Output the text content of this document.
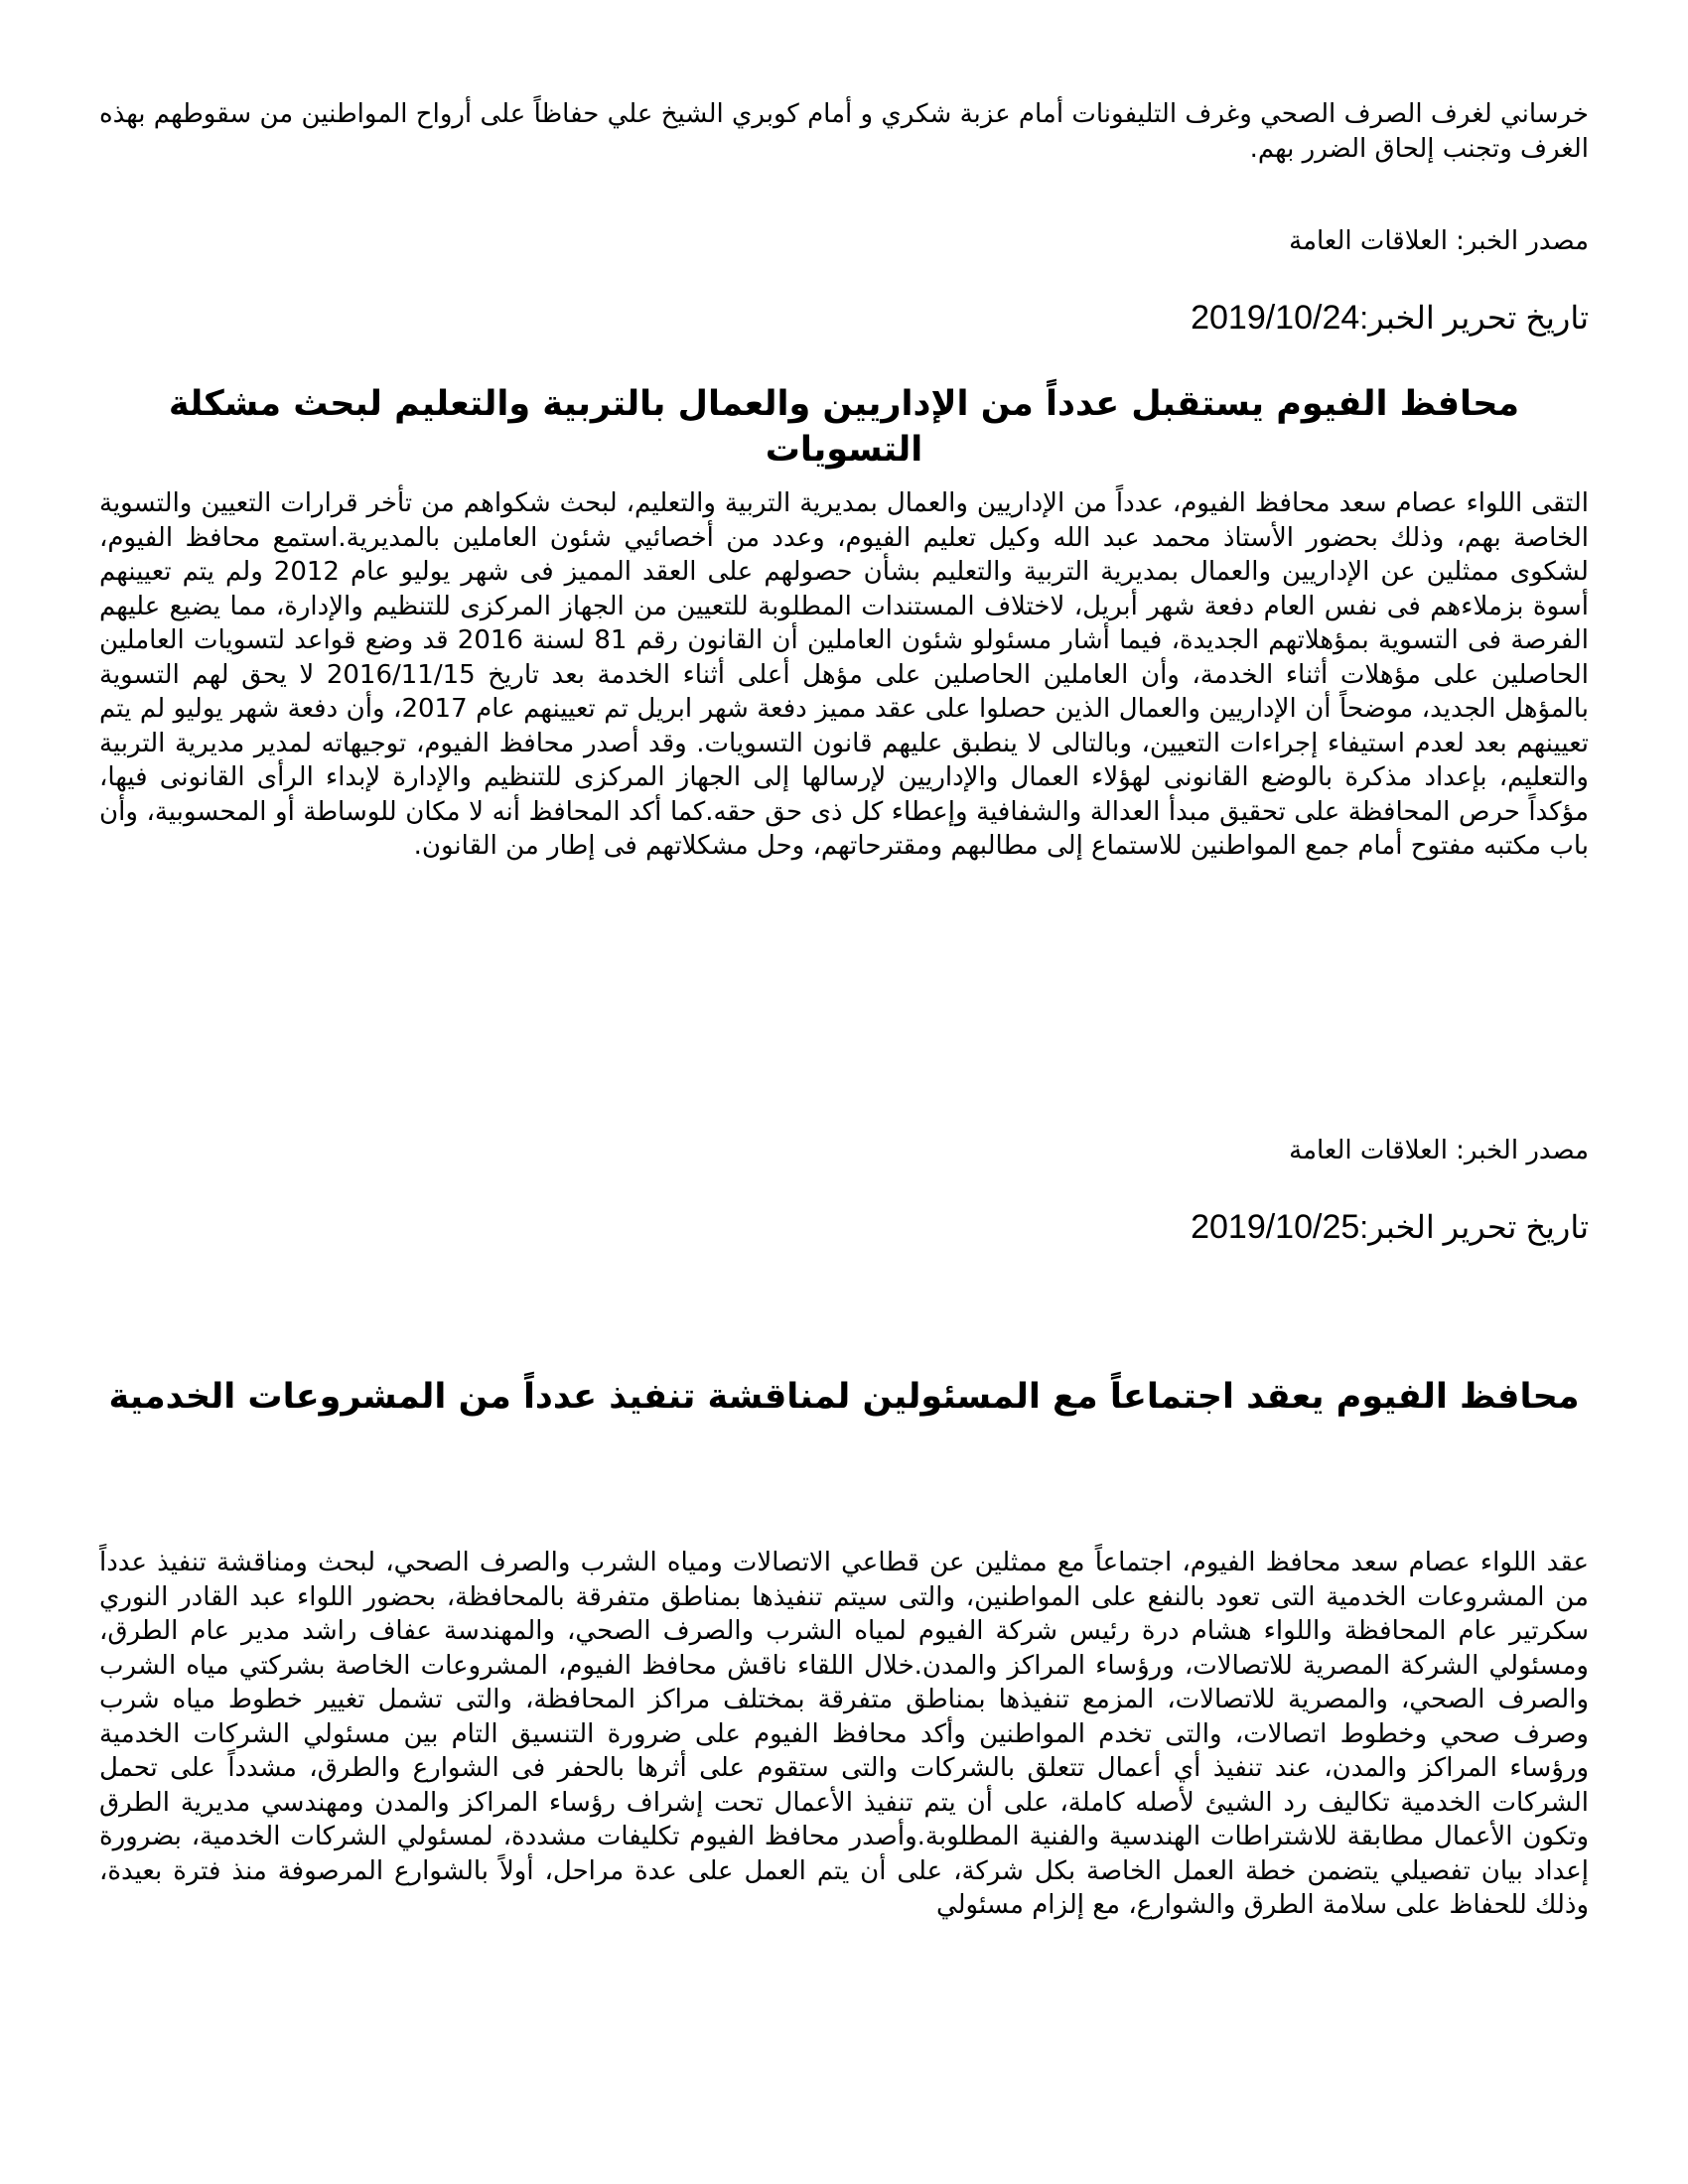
خرساني لغرف الصرف الصحي وغرف التليفونات أمام عزبة شكري و أمام كوبري الشيخ علي حفاظاً على أرواح المواطنين من سقوطهم بهذه الغرف وتجنب إلحاق الضرر بهم.

مصدر الخبر: العلاقات العامة

تاريخ تحرير الخبر:2019/10/24

محافظ الفيوم يستقبل عدداً من الإداريين والعمال بالتربية والتعليم لبحث مشكلة التسويات

التقى اللواء عصام سعد محافظ الفيوم، عدداً من الإداريين والعمال بمديرية التربية والتعليم، لبحث شكواهم من تأخر قرارات التعيين والتسوية الخاصة بهم، وذلك بحضور الأستاذ محمد عبد الله وكيل تعليم الفيوم، وعدد من أخصائيي شئون العاملين بالمديرية.استمع محافظ الفيوم، لشكوى ممثلين عن الإداريين والعمال بمديرية التربية والتعليم بشأن حصولهم على العقد المميز فى شهر يوليو عام 2012 ولم يتم تعيينهم أسوة بزملاءهم فى نفس العام دفعة شهر أبريل، لاختلاف المستندات المطلوبة للتعيين من الجهاز المركزى للتنظيم والإدارة، مما يضيع عليهم الفرصة فى التسوية بمؤهلاتهم الجديدة، فيما أشار مسئولو شئون العاملين أن القانون رقم 81 لسنة 2016 قد وضع قواعد لتسويات العاملين الحاصلين على مؤهلات أثناء الخدمة، وأن العاملين الحاصلين على مؤهل أعلى أثناء الخدمة بعد تاريخ 2016/11/15 لا يحق لهم التسوية بالمؤهل الجديد، موضحاً أن الإداريين والعمال الذين حصلوا على عقد مميز دفعة شهر ابريل تم تعيينهم عام 2017، وأن دفعة شهر يوليو لم يتم تعيينهم بعد لعدم استيفاء إجراءات التعيين، وبالتالى لا ينطبق عليهم قانون التسويات. وقد أصدر محافظ الفيوم، توجيهاته لمدير مديرية التربية والتعليم، بإعداد مذكرة بالوضع القانونى لهؤلاء العمال والإداريين لإرسالها إلى الجهاز المركزى للتنظيم والإدارة لإبداء الرأى القانونى فيها، مؤكداً حرص المحافظة على تحقيق مبدأ العدالة والشفافية وإعطاء كل ذى حق حقه.كما أكد المحافظ أنه لا مكان للوساطة أو المحسوبية، وأن باب مكتبه مفتوح أمام جمع المواطنين للاستماع إلى مطالبهم ومقترحاتهم، وحل مشكلاتهم فى إطار من القانون.

مصدر الخبر: العلاقات العامة

تاريخ تحرير الخبر:2019/10/25

محافظ الفيوم يعقد اجتماعاً مع المسئولين لمناقشة تنفيذ عدداً من المشروعات الخدمية

عقد اللواء عصام سعد محافظ الفيوم، اجتماعاً مع ممثلين عن قطاعي الاتصالات ومياه الشرب والصرف الصحي، لبحث ومناقشة تنفيذ عدداً من المشروعات الخدمية التى تعود بالنفع على المواطنين، والتى سيتم تنفيذها بمناطق متفرقة بالمحافظة، بحضور اللواء عبد القادر النوري سكرتير عام المحافظة واللواء هشام درة رئيس شركة الفيوم لمياه الشرب والصرف الصحي، والمهندسة عفاف راشد مدير عام الطرق، ومسئولي الشركة المصرية للاتصالات، ورؤساء المراكز والمدن.خلال اللقاء ناقش محافظ الفيوم، المشروعات الخاصة بشركتي مياه الشرب والصرف الصحي، والمصرية للاتصالات، المزمع تنفيذها بمناطق متفرقة بمختلف مراكز المحافظة، والتى تشمل تغيير خطوط مياه شرب وصرف صحي وخطوط اتصالات، والتى تخدم المواطنين وأكد محافظ الفيوم على ضرورة التنسيق التام بين مسئولي الشركات الخدمية ورؤساء المراكز والمدن، عند تنفيذ أي أعمال تتعلق بالشركات والتى ستقوم على أثرها بالحفر فى الشوارع والطرق، مشدداً على تحمل الشركات الخدمية تكاليف رد الشيئ لأصله كاملة، على أن يتم تنفيذ الأعمال تحت إشراف رؤساء المراكز والمدن ومهندسي مديرية الطرق وتكون الأعمال مطابقة للاشتراطات الهندسية والفنية المطلوبة.وأصدر محافظ الفيوم تكليفات مشددة، لمسئولي الشركات الخدمية، بضرورة إعداد بيان تفصيلي يتضمن خطة العمل الخاصة بكل شركة، على أن يتم العمل على عدة مراحل، أولاً بالشوارع المرصوفة منذ فترة بعيدة، وذلك للحفاظ على سلامة الطرق والشوارع، مع إلزام مسئولي
